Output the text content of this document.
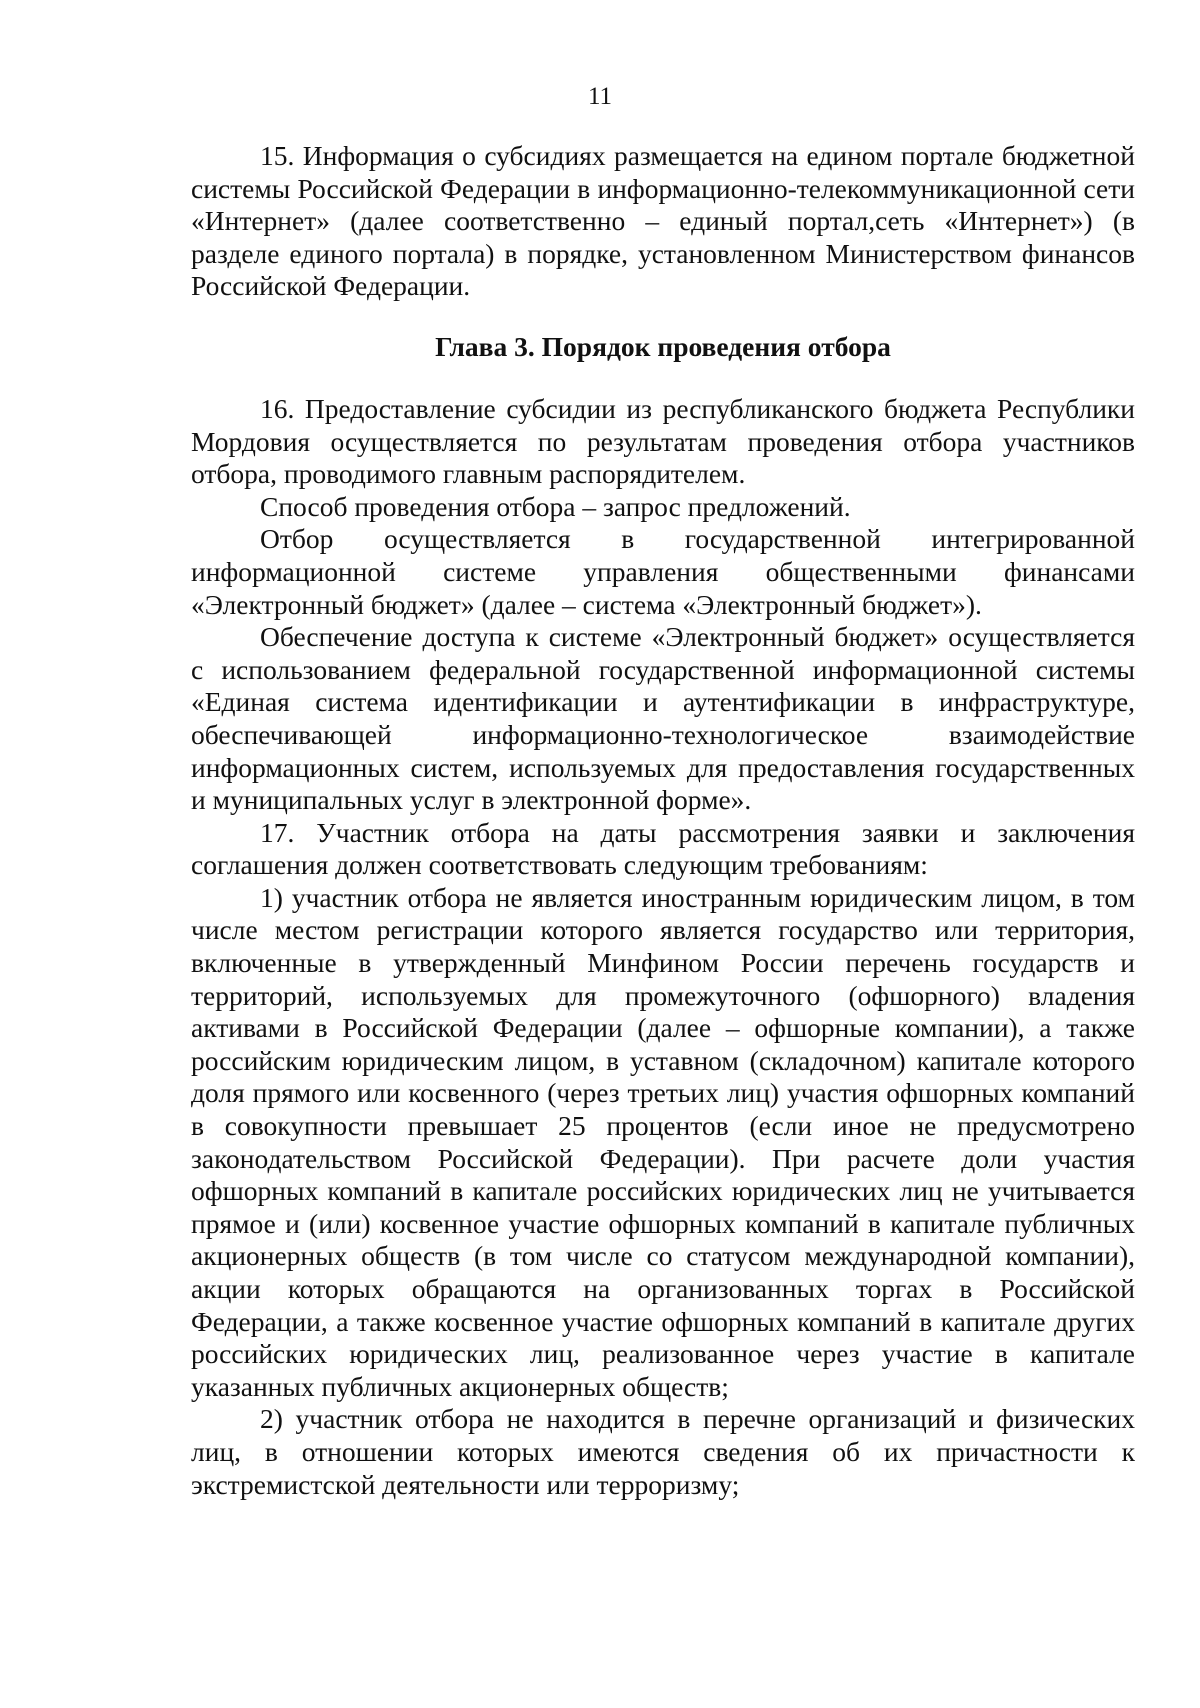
11

15. Информация о субсидиях размещается на едином портале бюджетной системы Российской Федерации в информационно-телекоммуникационной сети «Интернет» (далее соответственно – единый портал,сеть «Интернет») (в разделе единого портала) в порядке, установленном Министерством финансов Российской Федерации.

Глава 3. Порядок проведения отбора

16. Предоставление субсидии из республиканского бюджета Республики Мордовия осуществляется по результатам проведения отбора участников отбора, проводимого главным распорядителем.

Способ проведения отбора – запрос предложений.

Отбор осуществляется в государственной интегрированной информационной системе управления общественными финансами «Электронный бюджет» (далее – система «Электронный бюджет»).

Обеспечение доступа к системе «Электронный бюджет» осуществляется с использованием федеральной государственной информационной системы «Единая система идентификации и аутентификации в инфраструктуре, обеспечивающей информационно-технологическое взаимодействие информационных систем, используемых для предоставления государственных и муниципальных услуг в электронной форме».

17. Участник отбора на даты рассмотрения заявки и заключения соглашения должен соответствовать следующим требованиям:

1) участник отбора не является иностранным юридическим лицом, в том числе местом регистрации которого является государство или территория, включенные в утвержденный Минфином России перечень государств и территорий, используемых для промежуточного (офшорного) владения активами в Российской Федерации (далее – офшорные компании), а также российским юридическим лицом, в уставном (складочном) капитале которого доля прямого или косвенного (через третьих лиц) участия офшорных компаний в совокупности превышает 25 процентов (если иное не предусмотрено законодательством Российской Федерации). При расчете доли участия офшорных компаний в капитале российских юридических лиц не учитывается прямое и (или) косвенное участие офшорных компаний в капитале публичных акционерных обществ (в том числе со статусом международной компании), акции которых обращаются на организованных торгах в Российской Федерации, а также косвенное участие офшорных компаний в капитале других российских юридических лиц, реализованное через участие в капитале указанных публичных акционерных обществ;

2) участник отбора не находится в перечне организаций и физических лиц, в отношении которых имеются сведения об их причастности к экстремистской деятельности или терроризму;
